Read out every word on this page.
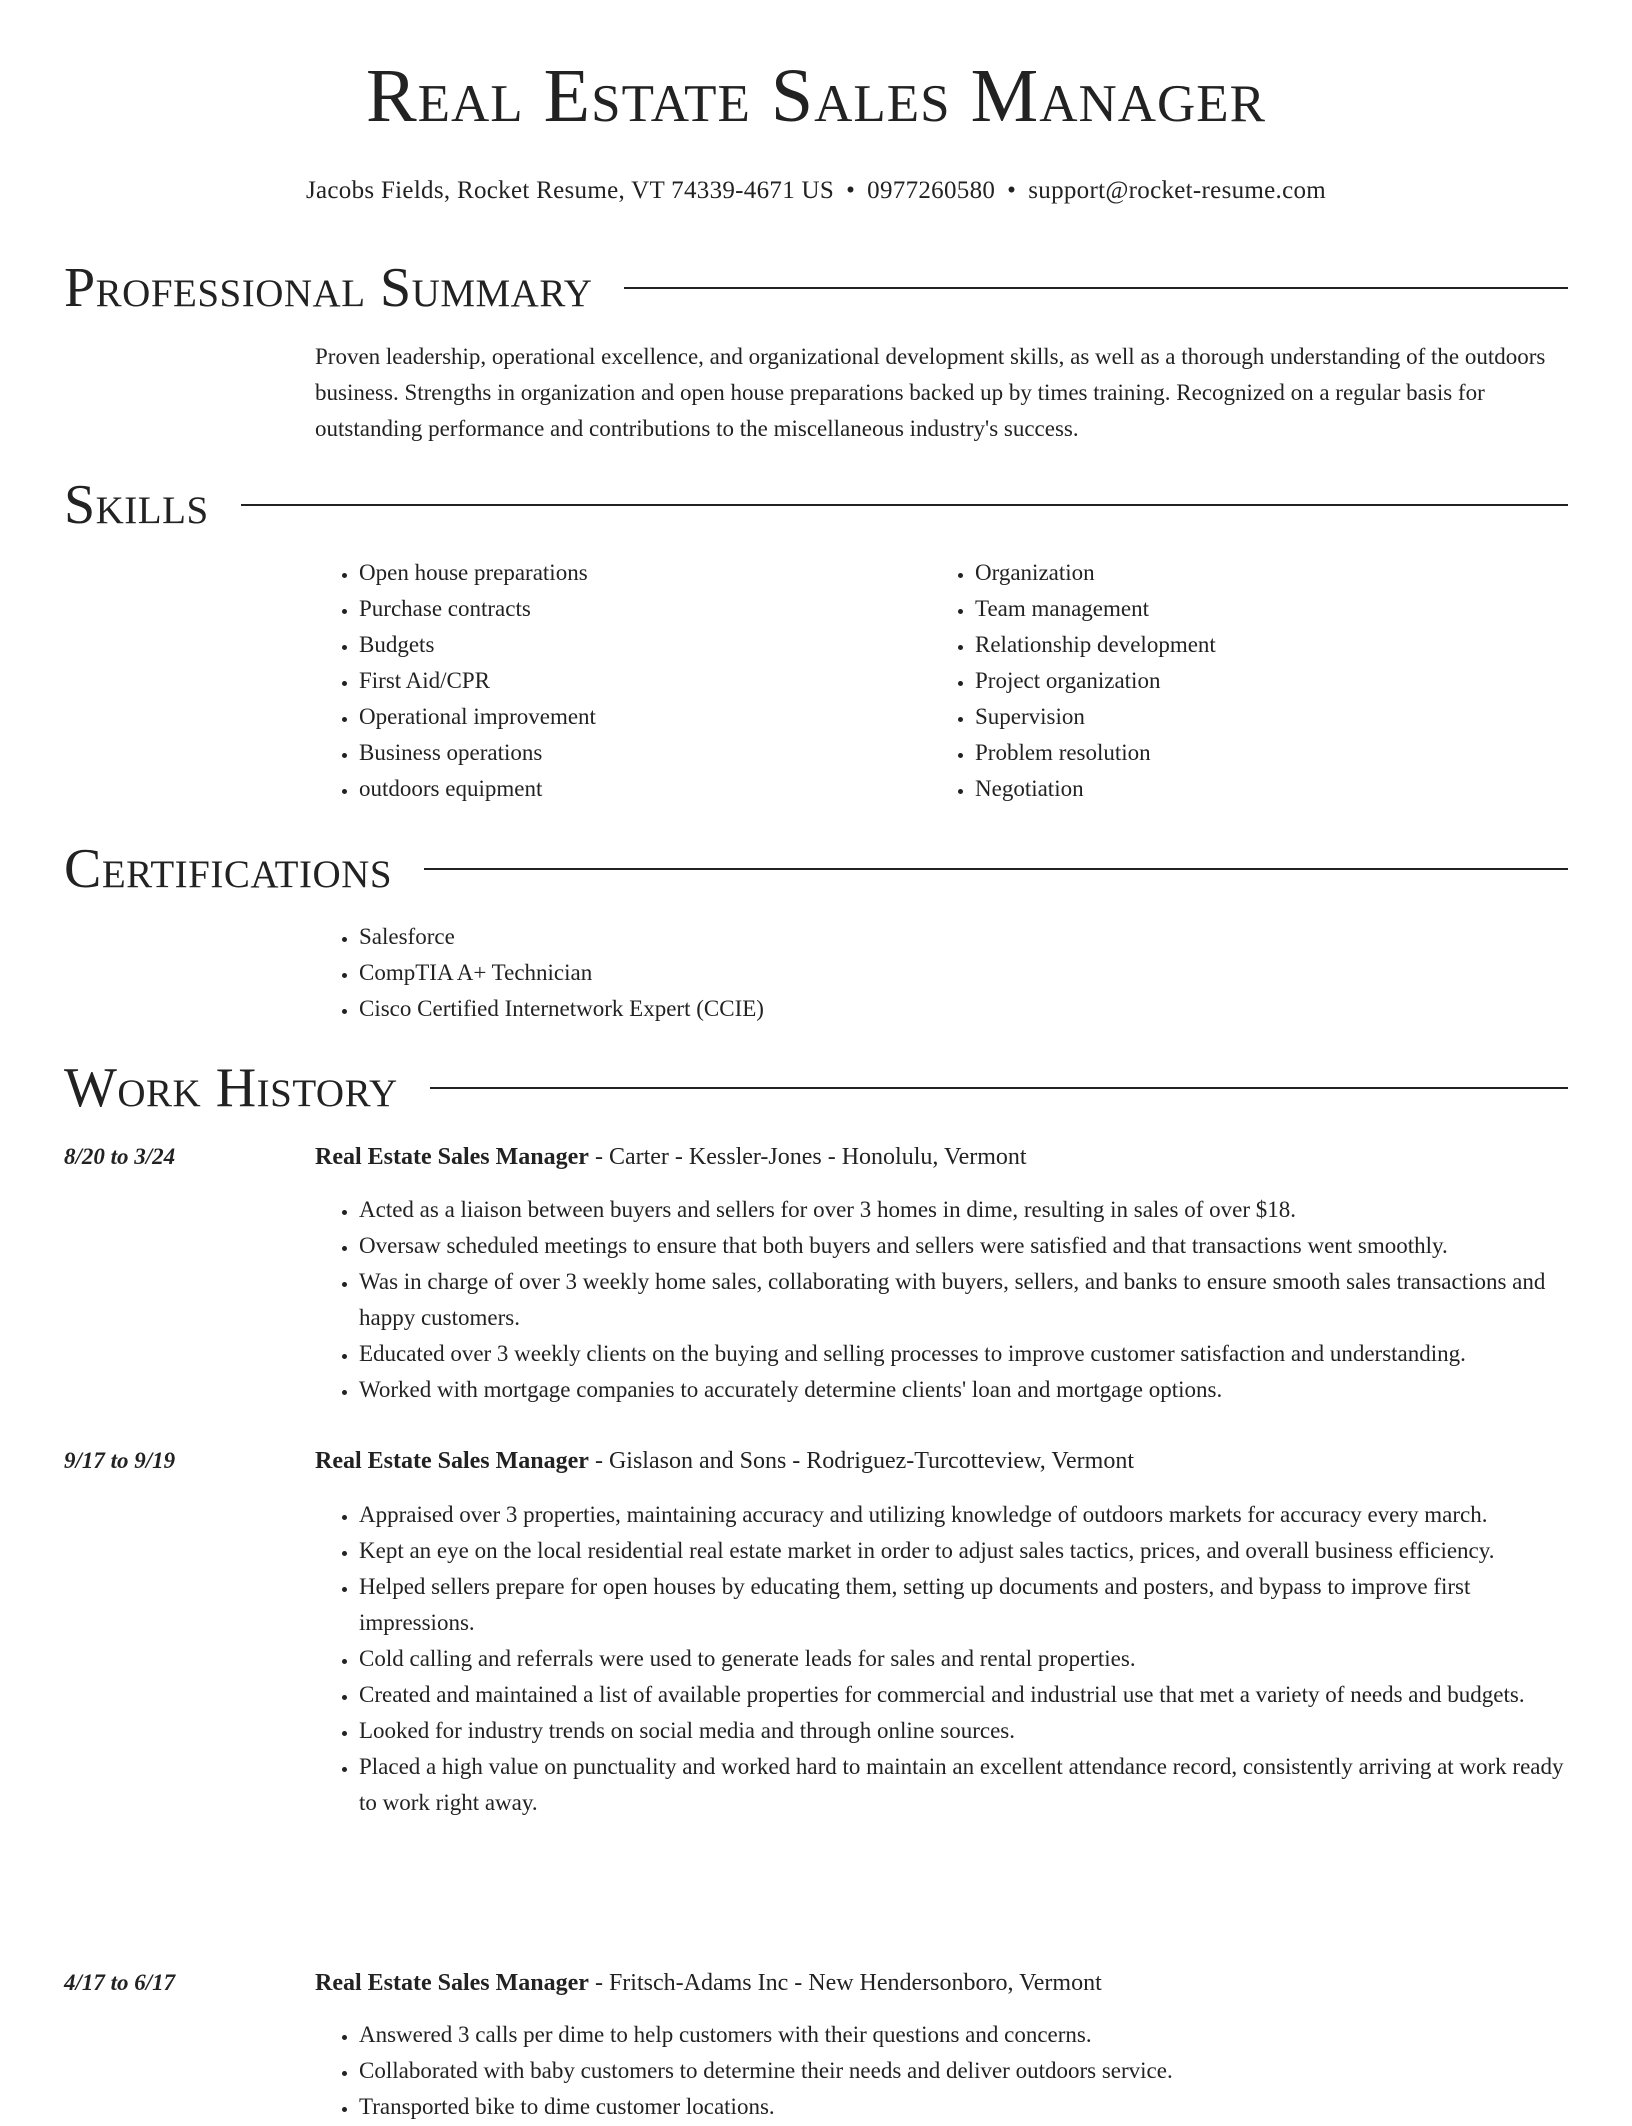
Real Estate Sales Manager
Jacobs Fields, Rocket Resume, VT 74339-4671 US • 0977260580 • support@rocket-resume.com
Professional Summary
Proven leadership, operational excellence, and organizational development skills, as well as a thorough understanding of the outdoors business. Strengths in organization and open house preparations backed up by times training. Recognized on a regular basis for outstanding performance and contributions to the miscellaneous industry's success.
Skills
• Open house preparations
• Purchase contracts
• Budgets
• First Aid/CPR
• Operational improvement
• Business operations
• outdoors equipment
• Organization
• Team management
• Relationship development
• Project organization
• Supervision
• Problem resolution
• Negotiation
Certifications
• Salesforce
• CompTIA A+ Technician
• Cisco Certified Internetwork Expert (CCIE)
Work History
8/20 to 3/24	Real Estate Sales Manager - Carter - Kessler-Jones - Honolulu, Vermont
• Acted as a liaison between buyers and sellers for over 3 homes in dime, resulting in sales of over $18.
• Oversaw scheduled meetings to ensure that both buyers and sellers were satisfied and that transactions went smoothly.
• Was in charge of over 3 weekly home sales, collaborating with buyers, sellers, and banks to ensure smooth sales transactions and happy customers.
• Educated over 3 weekly clients on the buying and selling processes to improve customer satisfaction and understanding.
• Worked with mortgage companies to accurately determine clients' loan and mortgage options.
9/17 to 9/19	Real Estate Sales Manager - Gislason and Sons - Rodriguez-Turcotteview, Vermont
• Appraised over 3 properties, maintaining accuracy and utilizing knowledge of outdoors markets for accuracy every march.
• Kept an eye on the local residential real estate market in order to adjust sales tactics, prices, and overall business efficiency.
• Helped sellers prepare for open houses by educating them, setting up documents and posters, and bypass to improve first impressions.
• Cold calling and referrals were used to generate leads for sales and rental properties.
• Created and maintained a list of available properties for commercial and industrial use that met a variety of needs and budgets.
• Looked for industry trends on social media and through online sources.
• Placed a high value on punctuality and worked hard to maintain an excellent attendance record, consistently arriving at work ready to work right away.
4/17 to 6/17	Real Estate Sales Manager - Fritsch-Adams Inc - New Hendersonboro, Vermont
• Answered 3 calls per dime to help customers with their questions and concerns.
• Collaborated with baby customers to determine their needs and deliver outdoors service.
• Transported bike to dime customer locations.
